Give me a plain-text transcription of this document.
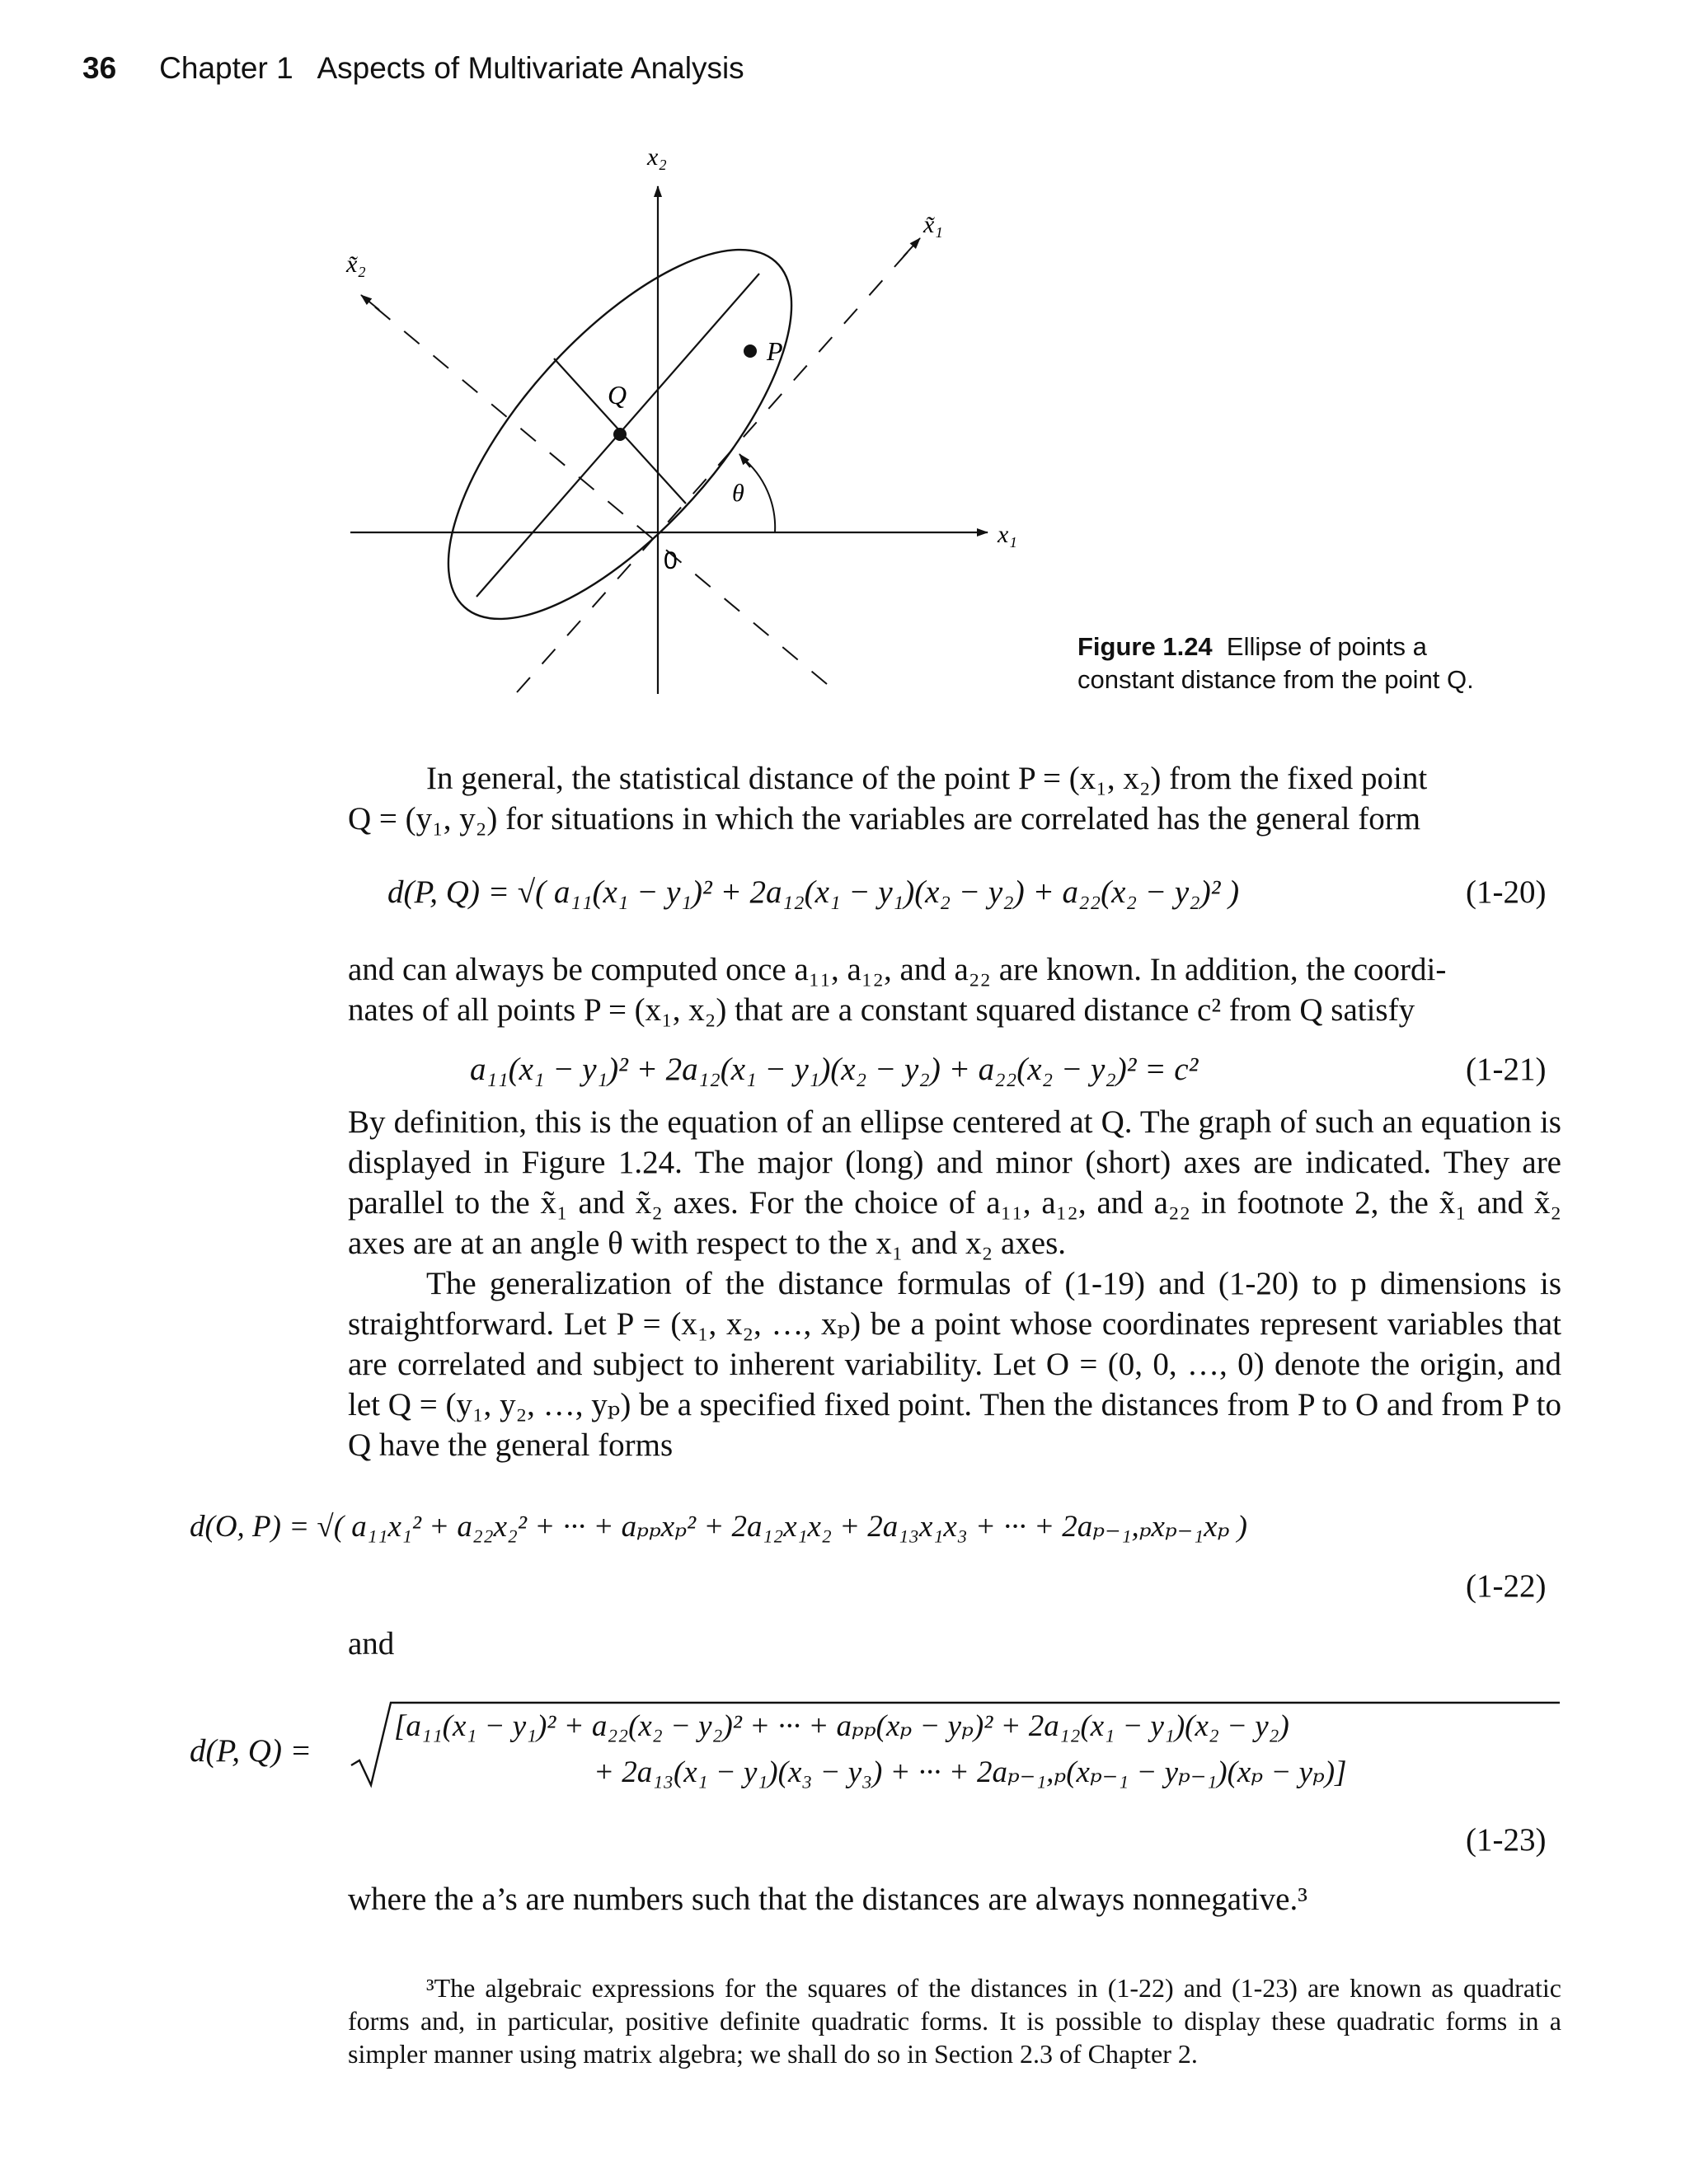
36 Chapter 1   Aspects of Multivariate Analysis
x₂
x₁
x̃₁
x̃₂
P
Q
θ
0
Figure 1.24 Ellipse of points a
constant distance from the point Q.
In general, the statistical distance of the point P = (x₁, x₂) from the fixed point
Q = (y₁, y₂) for situations in which the variables are correlated has the general form
d(P, Q) = √( a₁₁(x₁ − y₁)² + 2a₁₂(x₁ − y₁)(x₂ − y₂) + a₂₂(x₂ − y₂)² )	(1-20)
and can always be computed once a₁₁, a₁₂, and a₂₂ are known. In addition, the coordi-
nates of all points P = (x₁, x₂) that are a constant squared distance c² from Q satisfy
a₁₁(x₁ − y₁)² + 2a₁₂(x₁ − y₁)(x₂ − y₂) + a₂₂(x₂ − y₂)² = c²	(1-21)
By definition, this is the equation of an ellipse centered at Q. The graph of such an equation is displayed in Figure 1.24. The major (long) and minor (short) axes are indicated. They are parallel to the x̃₁ and x̃₂ axes. For the choice of a₁₁, a₁₂, and a₂₂ in footnote 2, the x̃₁ and x̃₂ axes are at an angle θ with respect to the x₁ and x₂ axes.
The generalization of the distance formulas of (1-19) and (1-20) to p dimensions is straightforward. Let P = (x₁, x₂, …, xₚ) be a point whose coordinates represent variables that are correlated and subject to inherent variability. Let O = (0, 0, …, 0) denote the origin, and let Q = (y₁, y₂, …, yₚ) be a specified fixed point. Then the distances from P to O and from P to Q have the general forms
d(O, P) = √( a₁₁x₁² + a₂₂x₂² + ··· + aₚₚxₚ² + 2a₁₂x₁x₂ + 2a₁₃x₁x₃ + ··· + 2aₚ₋₁,ₚxₚ₋₁xₚ )
(1-22)
and
d(P, Q) =
[a₁₁(x₁ − y₁)² + a₂₂(x₂ − y₂)² + ··· + aₚₚ(xₚ − yₚ)² + 2a₁₂(x₁ − y₁)(x₂ − y₂)
+ 2a₁₃(x₁ − y₁)(x₃ − y₃) + ··· + 2aₚ₋₁,ₚ(xₚ₋₁ − yₚ₋₁)(xₚ − yₚ)]
(1-23)
where the a’s are numbers such that the distances are always nonnegative.³
³The algebraic expressions for the squares of the distances in (1-22) and (1-23) are known as quadratic forms and, in particular, positive definite quadratic forms. It is possible to display these quadratic forms in a simpler manner using matrix algebra; we shall do so in Section 2.3 of Chapter 2.
